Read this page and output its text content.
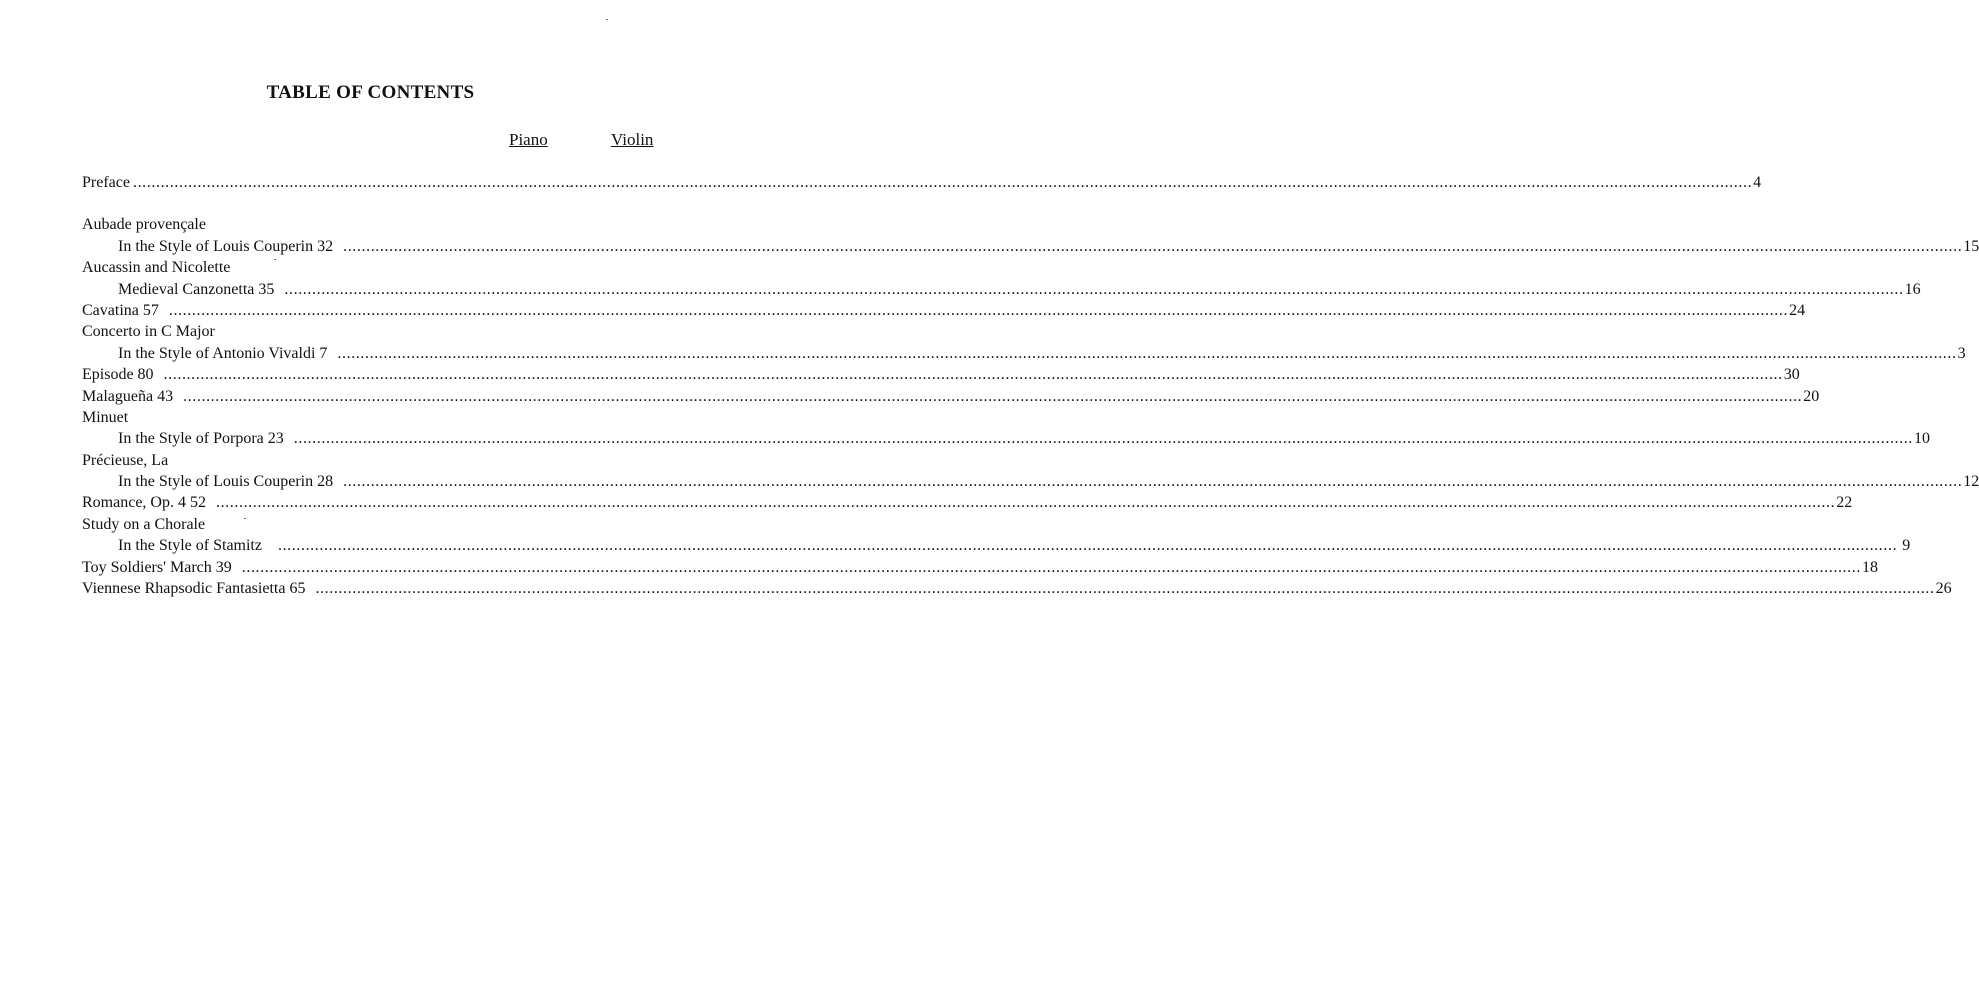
TABLE OF CONTENTS
Piano	Violin
Preface .....	4
Aubade provençale
In the Style of Louis Couperin 32 .....	15
Aucassin and Nicolette
Medieval Canzonetta 35 .....	16
Cavatina 57 .....	24
Concerto in C Major
In the Style of Antonio Vivaldi 7 .....	3
Episode 80 .....	30
Malagueña 43 .....	20
Minuet
In the Style of Porpora 23 .....	10
Précieuse, La
In the Style of Louis Couperin 28 .....	12
Romance, Op. 4 52 .....	22
Study on a Chorale
In the Style of Stamitz .....	9
Toy Soldiers' March 39 .....	18
Viennese Rhapsodic Fantasietta 65 .....	26
